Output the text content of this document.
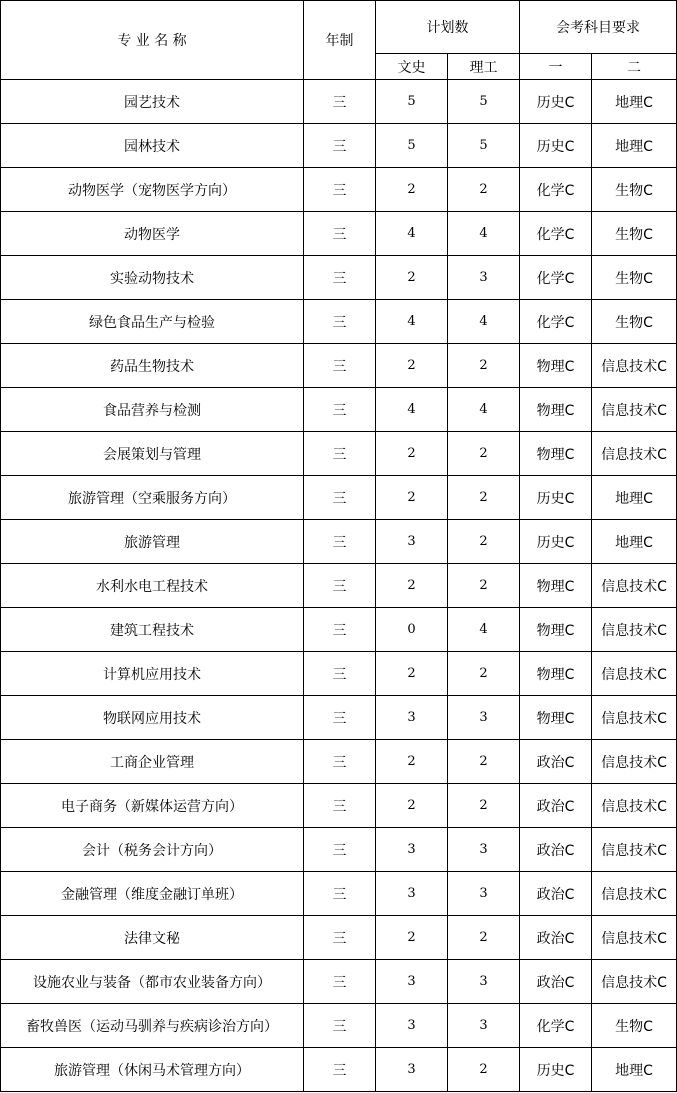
专 业 名 称	年制	计划数		会考科目要求	
		文史	理工	一	二
园艺技术	三	5	5	历史C	地理C
园林技术	三	5	5	历史C	地理C
动物医学（宠物医学方向）	三	2	2	化学C	生物C
动物医学	三	4	4	化学C	生物C
实验动物技术	三	2	3	化学C	生物C
绿色食品生产与检验	三	4	4	化学C	生物C
药品生物技术	三	2	2	物理C	信息技术C
食品营养与检测	三	4	4	物理C	信息技术C
会展策划与管理	三	2	2	物理C	信息技术C
旅游管理（空乘服务方向）	三	2	2	历史C	地理C
旅游管理	三	3	2	历史C	地理C
水利水电工程技术	三	2	2	物理C	信息技术C
建筑工程技术	三	0	4	物理C	信息技术C
计算机应用技术	三	2	2	物理C	信息技术C
物联网应用技术	三	3	3	物理C	信息技术C
工商企业管理	三	2	2	政治C	信息技术C
电子商务（新媒体运营方向）	三	2	2	政治C	信息技术C
会计（税务会计方向）	三	3	3	政治C	信息技术C
金融管理（维度金融订单班）	三	3	3	政治C	信息技术C
法律文秘	三	2	2	政治C	信息技术C
设施农业与装备（都市农业装备方向）	三	3	3	政治C	信息技术C
畜牧兽医（运动马驯养与疾病诊治方向）	三	3	3	化学C	生物C
旅游管理（休闲马术管理方向）	三	3	2	历史C	地理C
